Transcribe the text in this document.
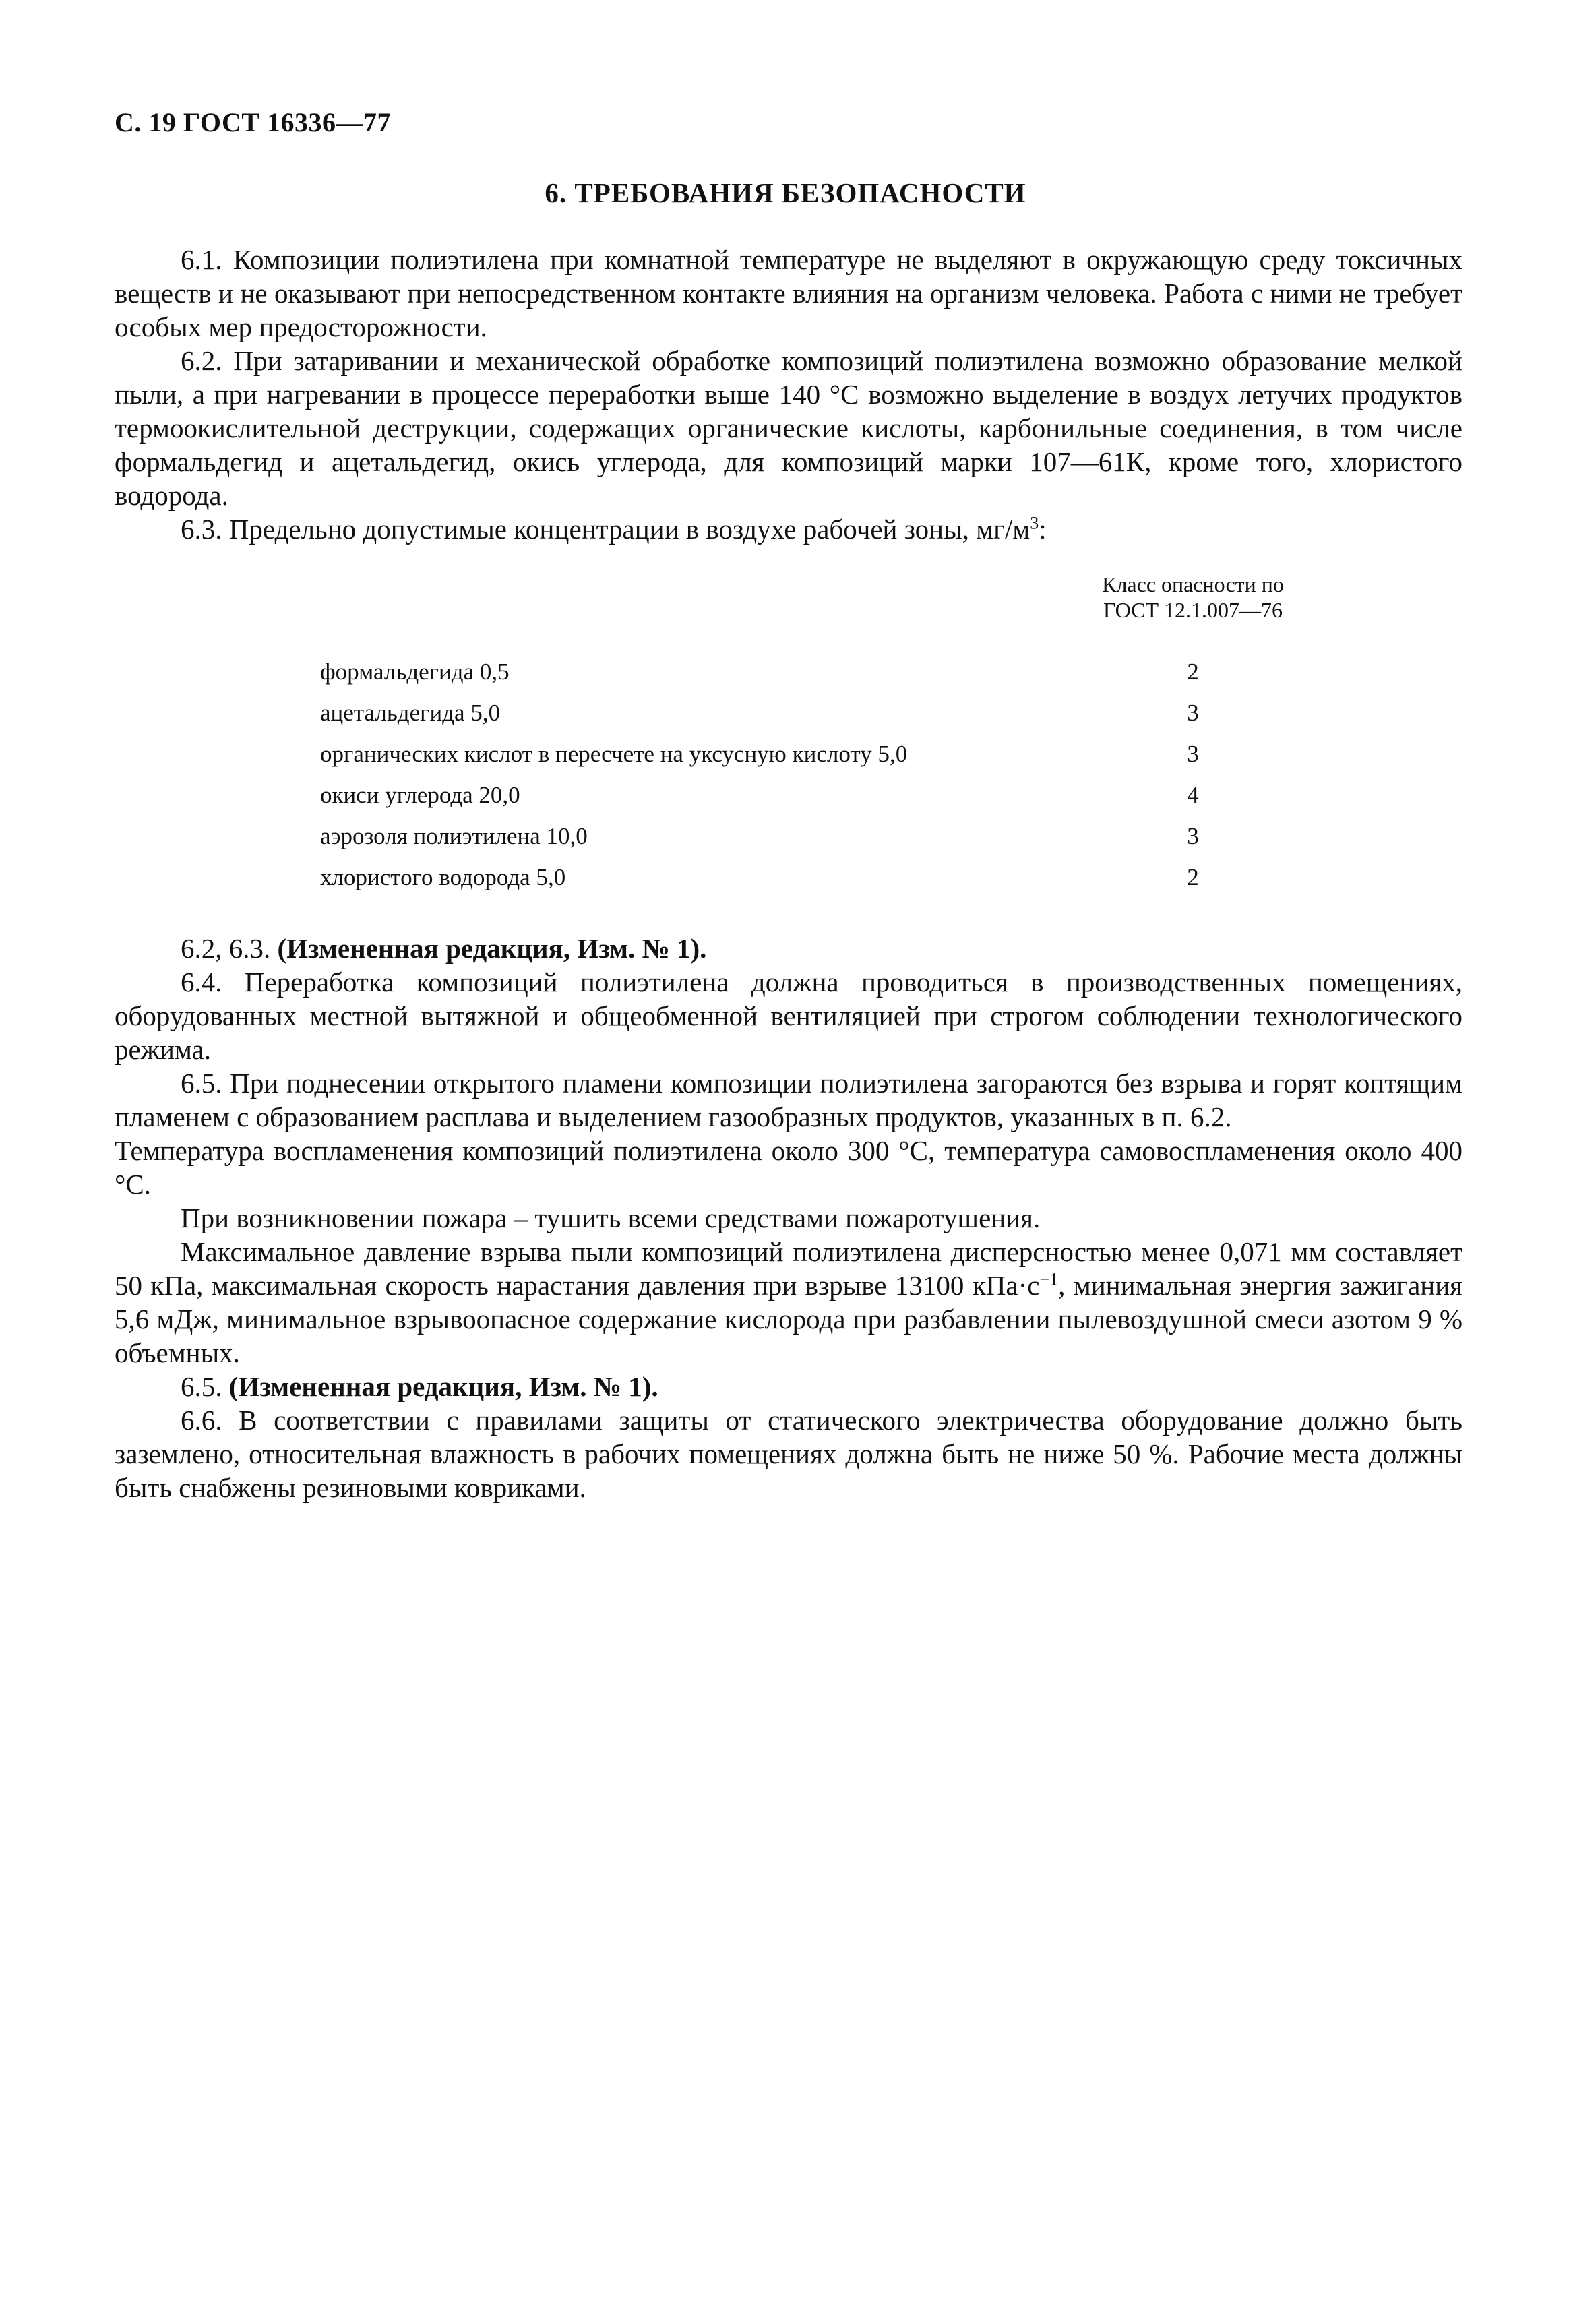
С. 19 ГОСТ 16336—77
6. ТРЕБОВАНИЯ БЕЗОПАСНОСТИ

6.1. Композиции полиэтилена при комнатной температуре не выделяют в окружающую среду токсичных веществ и не оказывают при непосредственном контакте влияния на организм человека. Работа с ними не требует особых мер предосторожности.

6.2. При затаривании и механической обработке композиций полиэтилена возможно образование мелкой пыли, а при нагревании в процессе переработки выше 140 °С возможно выделение в воздух летучих продуктов термоокислительной деструкции, содержащих органические кислоты, карбонильные соединения, в том числе формальдегид и ацетальдегид, окись углерода, для композиций марки 107—61К, кроме того, хлористого водорода.

6.3. Предельно допустимые концентрации в воздухе рабочей зоны, $мг/м^3$:

	Класс опасности по
ГОСТ 12.1.007—76

формальдегида 0,5	2
ацетальдегида 5,0	3
органических кислот в пересчете на уксусную кислоту 5,0	3
окиси углерода 20,0	4
аэрозоля полиэтилена 10,0	3
хлористого водорода 5,0	2

6.2, 6.3. (Измененная редакция, Изм. № 1).

6.4. Переработка композиций полиэтилена должна проводиться в производственных помещениях, оборудованных местной вытяжной и общеобменной вентиляцией при строгом соблюдении технологического режима.

6.5. При поднесении открытого пламени композиции полиэтилена загораются без взрыва и горят коптящим пламенем с образованием расплава и выделением газообразных продуктов, указанных в п. 6.2.

Температура воспламенения композиций полиэтилена около 300 °С, температура самовоспламенения около 400 °С.

При возникновении пожара – тушить всеми средствами пожаротушения.

Максимальное давление взрыва пыли композиций полиэтилена дисперсностью менее 0,071 мм составляет 50 кПа, максимальная скорость нарастания давления при взрыве 13100 $кПа\cdot с^{-1}$, минимальная энергия зажигания 5,6 мДж, минимальное взрывоопасное содержание кислорода при разбавлении пылевоздушной смеси азотом 9 % объемных.

6.5. (Измененная редакция, Изм. № 1).

6.6. В соответствии с правилами защиты от статического электричества оборудование должно быть заземлено, относительная влажность в рабочих помещениях должна быть не ниже 50 %. Рабочие места должны быть снабжены резиновыми ковриками.
